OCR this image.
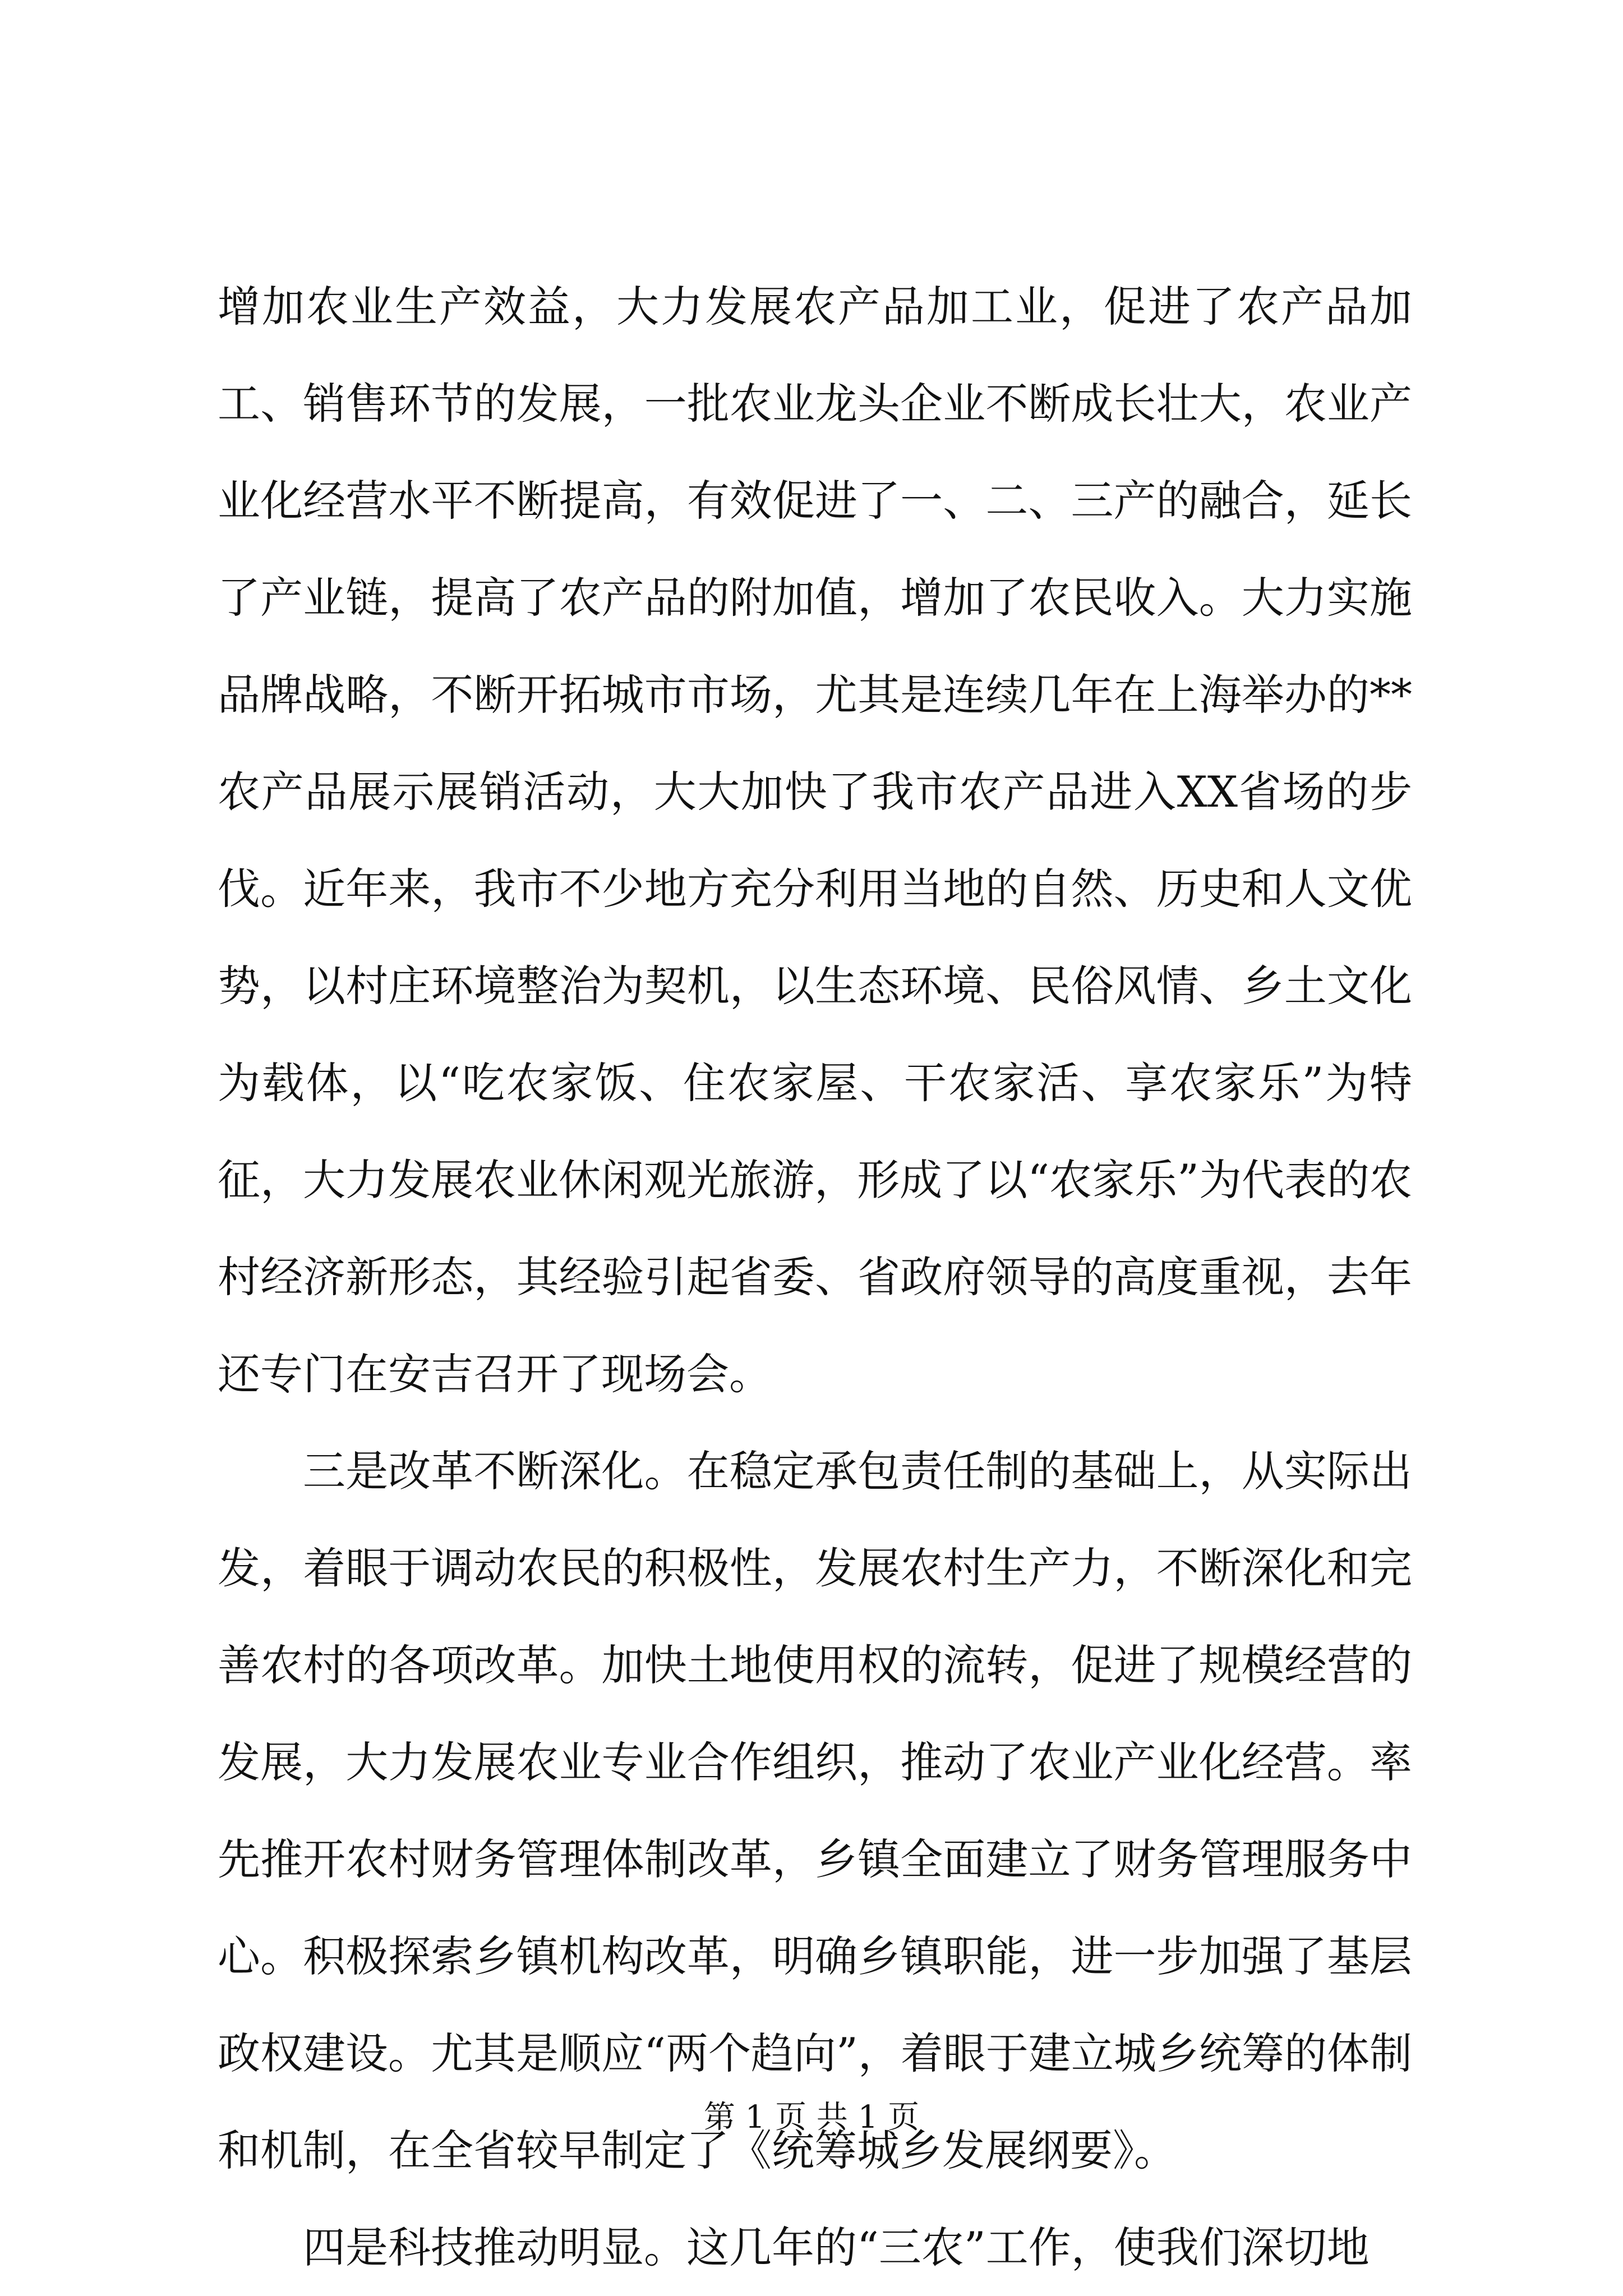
增加农业生产效益，大力发展农产品加工业，促进了农产品加工、销售环节的发展，一批农业龙头企业不断成长壮大，农业产业化经营水平不断提高，有效促进了一、二、三产的融合，延长了产业链，提高了农产品的附加值，增加了农民收入。大力实施品牌战略，不断开拓城市市场，尤其是连续几年在上海举办的**农产品展示展销活动，大大加快了我市农产品进入XX省场的步伐。近年来，我市不少地方充分利用当地的自然、历史和人文优势，以村庄环境整治为契机，以生态环境、民俗风情、乡土文化为载体，以“吃农家饭、住农家屋、干农家活、享农家乐”为特征，大力发展农业休闲观光旅游，形成了以“农家乐”为代表的农村经济新形态，其经验引起省委、省政府领导的高度重视，去年还专门在安吉召开了现场会。

三是改革不断深化。在稳定承包责任制的基础上，从实际出发，着眼于调动农民的积极性，发展农村生产力，不断深化和完善农村的各项改革。加快土地使用权的流转，促进了规模经营的发展，大力发展农业专业合作组织，推动了农业产业化经营。率先推开农村财务管理体制改革，乡镇全面建立了财务管理服务中心。积极探索乡镇机构改革，明确乡镇职能，进一步加强了基层政权建设。尤其是顺应“两个趋向”，着眼于建立城乡统筹的体制和机制，在全省较早制定了《统筹城乡发展纲要》。

四是科技推动明显。这几年的“三农”工作，使我们深切地

第 1 页 共 1 页
